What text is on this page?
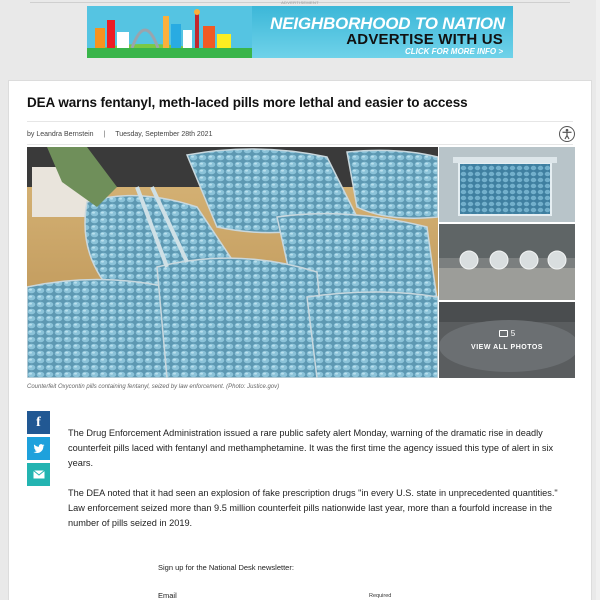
ADVERTISEMENT
NEIGHBORHOOD TO NATION
ADVERTISE WITH US
CLICK FOR MORE INFO >
DEA warns fentanyl, meth-laced pills more lethal and easier to access
by Leandra Bernstein | Tuesday, September 28th 2021
5
VIEW ALL PHOTOS
Counterfeit Oxycontin pills containing fentanyl, seized by law enforcement. (Photo: Justice.gov)
f

The Drug Enforcement Administration issued a rare public safety alert Monday, warning of the dramatic rise in deadly counterfeit pills laced with fentanyl and methamphetamine. It was the first time the agency issued this type of alert in six years.

The DEA noted that it had seen an explosion of fake prescription drugs "in every U.S. state in unprecedented quantities." Law enforcement seized more than 9.5 million counterfeit pills nationwide last year, more than a fourfold increase in the number of pills seized in 2019.

Sign up for the National Desk newsletter:
Email	Required
